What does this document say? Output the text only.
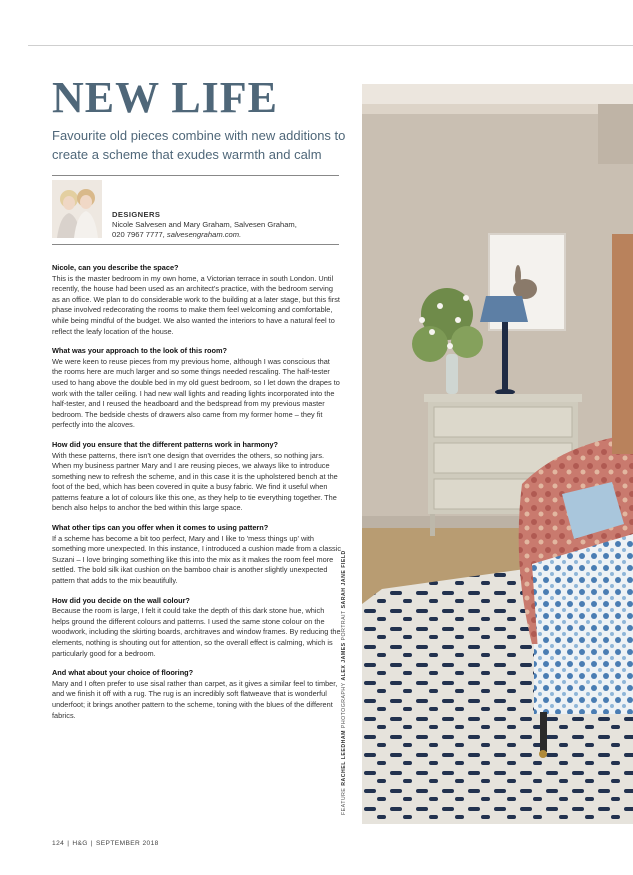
NEW LIFE
Favourite old pieces combine with new additions to create a scheme that exudes warmth and calm
DESIGNERS
Nicole Salvesen and Mary Graham, Salvesen Graham,
020 7967 7777, salvesengraham.com.
Nicole, can you describe the space?

This is the master bedroom in my own home, a Victorian terrace in south London. Until recently, the house had been used as an architect's practice, with the bedroom serving as an office. We plan to do considerable work to the building at a later stage, but this first phase involved redecorating the rooms to make them feel welcoming and comfortable, while being mindful of the budget. We also wanted the interiors to have a natural feel to reflect the leafy location of the house.

What was your approach to the look of this room?

We were keen to reuse pieces from my previous home, although I was conscious that the rooms here are much larger and so some things needed rescaling. The half-tester used to hang above the double bed in my old guest bedroom, so I let down the drapes to work with the taller ceiling. I had new wall lights and reading lights incorporated into the half-tester, and I reused the headboard and the bedspread from my previous master bedroom. The bedside chests of drawers also came from my former home – they fit perfectly into the alcoves.

How did you ensure that the different patterns work in harmony?

With these patterns, there isn't one design that overrides the others, so nothing jars. When my business partner Mary and I are reusing pieces, we always like to introduce something new to refresh the scheme, and in this case it is the upholstered bench at the foot of the bed, which has been covered in quite a busy fabric. We find it useful when patterns feature a lot of colours like this one, as they help to tie everything together. The bench also helps to anchor the bed within this large space.

What other tips can you offer when it comes to using pattern?

If a scheme has become a bit too perfect, Mary and I like to 'mess things up' with something more unexpected. In this instance, I introduced a cushion made from a classic Suzani – I love bringing something like this into the mix as it makes the room feel more settled. The bold silk ikat cushion on the bamboo chair is another slightly unexpected pattern that adds to the mix beautifully.

How did you decide on the wall colour?

Because the room is large, I felt it could take the depth of this dark stone hue, which helps ground the different colours and patterns. I used the same stone colour on the woodwork, including the skirting boards, architraves and window frames. By reducing the elements, nothing is shouting out for attention, so the overall effect is calming, which is particularly good for a bedroom.

And what about your choice of flooring?

Mary and I often prefer to use sisal rather than carpet, as it gives a similar feel to timber, and we finish it off with a rug. The rug is an incredibly soft flatweave that is wonderful underfoot; it brings another pattern to the scheme, toning with the blues of the different fabrics.

FEATURE RACHEL LEEDHAM PHOTOGRAPHY ALEX JAMES PORTRAIT SARAH JANE FIELD
124 | H&G | SEPTEMBER 2018
